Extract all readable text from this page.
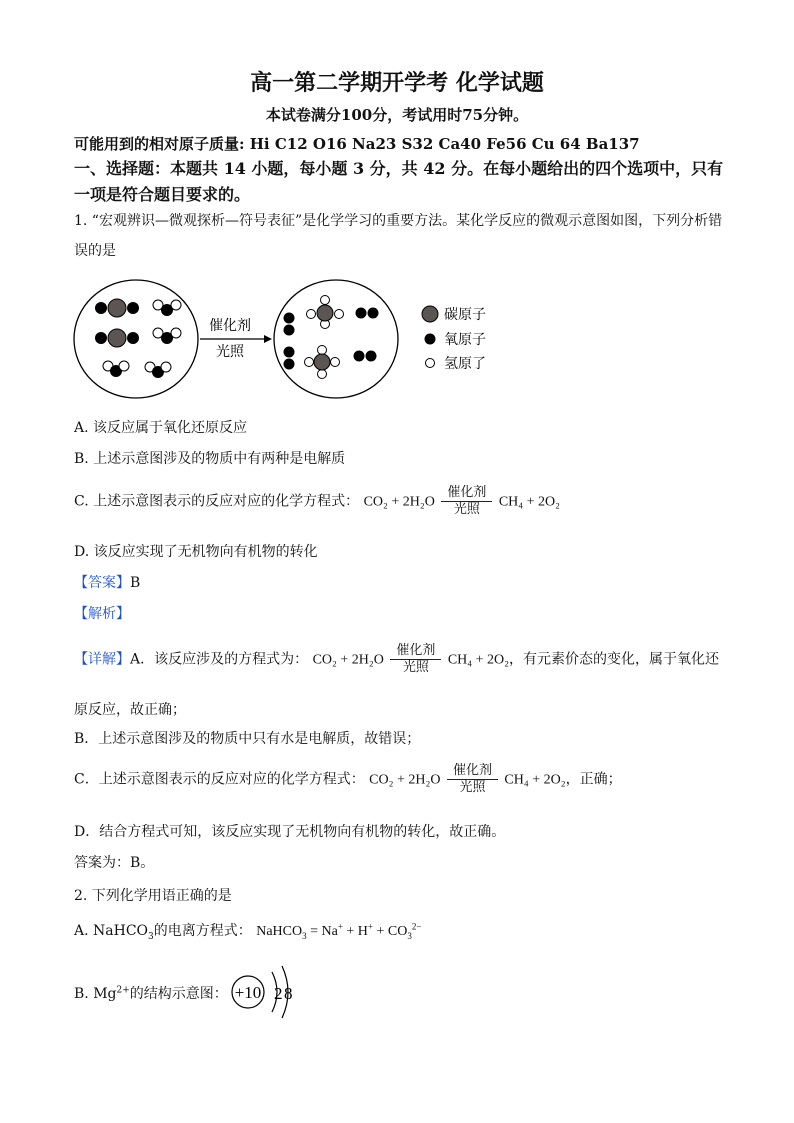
高一第二学期开学考 化学试题
本试卷满分100分，考试用时75分钟。
可能用到的相对原子质量: Hi C12 O16 Na23 S32 Ca40 Fe56 Cu 64 Ba137
一、选择题：本题共 14 小题，每小题 3 分，共 42 分。在每小题给出的四个选项中，只有
一项是符合题目要求的。
1. “宏观辨识—微观探析—符号表征”是化学学习的重要方法。某化学反应的微观示意图如图，下列分析错
误的是
催化剂
光照
碳原子
氧原子
氢原了
A. 该反应属于氧化还原反应
B. 上述示意图涉及的物质中有两种是电解质
C. 上述示意图表示的反应对应的化学方程式： $CO_2 + 2H_2O \frac{\text{催化剂}}{\text{光照}} CH_4 + 2O_2$
D. 该反应实现了无机物向有机物的转化
【答案】B
【解析】
【详解】A．该反应涉及的方程式为： $CO_2 + 2H_2O \frac{\text{催化剂}}{\text{光照}} CH_4 + 2O_2$，有元素价态的变化，属于氧化还
原反应，故正确；
B．上述示意图涉及的物质中只有水是电解质，故错误；
C．上述示意图表示的反应对应的化学方程式： $CO_2 + 2H_2O \frac{\text{催化剂}}{\text{光照}} CH_4 + 2O_2$，正确；
D．结合方程式可知，该反应实现了无机物向有机物的转化，故正确。
答案为：B。
2. 下列化学用语正确的是
A. NaHCO$_3$的电离方程式： NaHCO$_3$ = $Na^+ + H^+ + CO_3^{2-}$
B. $Mg^{2+}$的结构示意图： +10 2 8
